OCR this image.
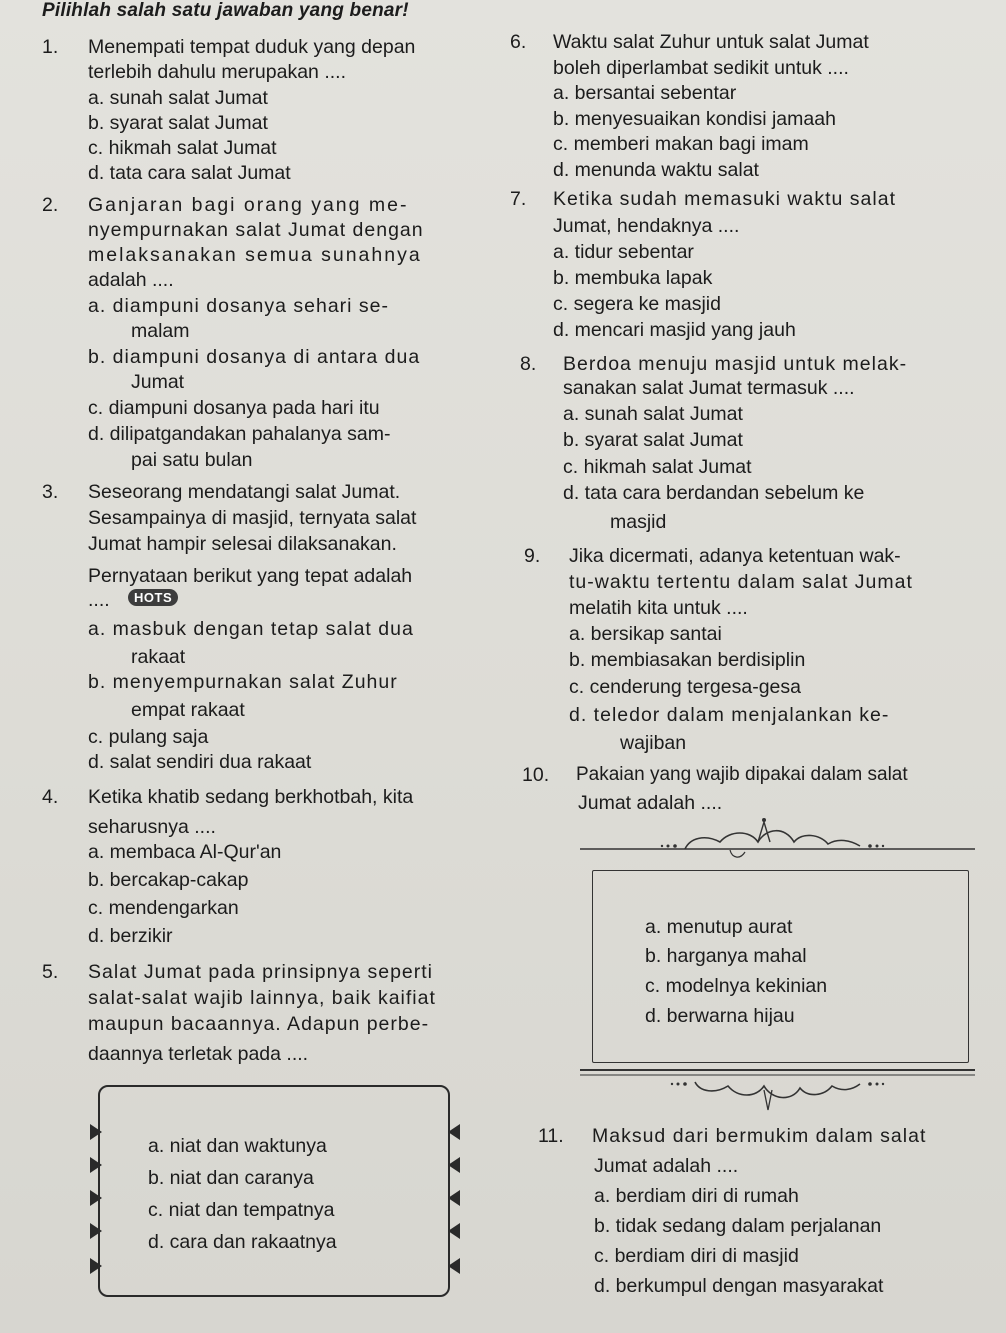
Pilihlah salah satu jawaban yang benar!
1. Menempati tempat duduk yang depan
terlebih dahulu merupakan ....
a. sunah salat Jumat
b. syarat salat Jumat
c. hikmah salat Jumat
d. tata cara salat Jumat
2. Ganjaran bagi orang yang me-
nyempurnakan salat Jumat dengan
melaksanakan semua sunahnya
adalah ....
a. diampuni dosanya sehari se-
malam
b. diampuni dosanya di antara dua
Jumat
c. diampuni dosanya pada hari itu
d. dilipatgandakan pahalanya sam-
pai satu bulan
3. Seseorang mendatangi salat Jumat.
Sesampainya di masjid, ternyata salat
Jumat hampir selesai dilaksanakan.
Pernyataan berikut yang tepat adalah
....	HOTS
a. masbuk dengan tetap salat dua
rakaat
b. menyempurnakan salat Zuhur
empat rakaat
c. pulang saja
d. salat sendiri dua rakaat
4. Ketika khatib sedang berkhotbah, kita
seharusnya ....
a. membaca Al-Qur'an
b. bercakap-cakap
c. mendengarkan
d. berzikir
5. Salat Jumat pada prinsipnya seperti
salat-salat wajib lainnya, baik kaifiat
maupun bacaannya. Adapun perbe-
daannya terletak pada ....
a. niat dan waktunya
b. niat dan caranya
c. niat dan tempatnya
d. cara dan rakaatnya
6. Waktu salat Zuhur untuk salat Jumat
boleh diperlambat sedikit untuk ....
a. bersantai sebentar
b. menyesuaikan kondisi jamaah
c. memberi makan bagi imam
d. menunda waktu salat
7. Ketika sudah memasuki waktu salat
Jumat, hendaknya ....
a. tidur sebentar
b. membuka lapak
c. segera ke masjid
d. mencari masjid yang jauh
8. Berdoa menuju masjid untuk melak-
sanakan salat Jumat termasuk ....
a. sunah salat Jumat
b. syarat salat Jumat
c. hikmah salat Jumat
d. tata cara berdandan sebelum ke
masjid
9. Jika dicermati, adanya ketentuan wak-
tu-waktu tertentu dalam salat Jumat
melatih kita untuk ....
a. bersikap santai
b. membiasakan berdisiplin
c. cenderung tergesa-gesa
d. teledor dalam menjalankan ke-
wajiban
10. Pakaian yang wajib dipakai dalam salat
Jumat adalah ....
a. menutup aurat
b. harganya mahal
c. modelnya kekinian
d. berwarna hijau
11. Maksud dari bermukim dalam salat
Jumat adalah ....
a. berdiam diri di rumah
b. tidak sedang dalam perjalanan
c. berdiam diri di masjid
d. berkumpul dengan masyarakat
